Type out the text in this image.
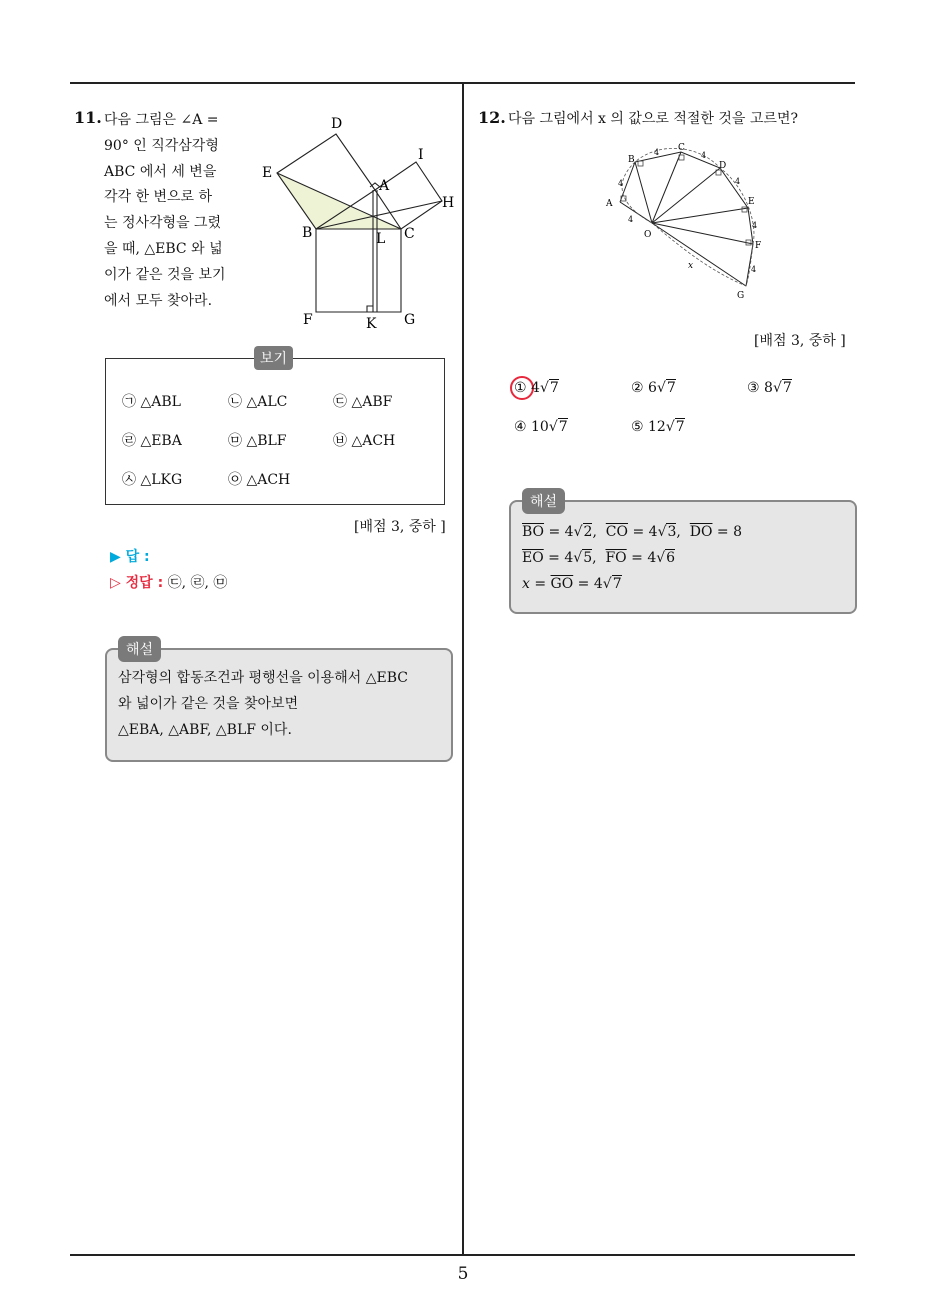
5
11. 다음 그림은 ∠A =
90° 인 직각삼각형
ABC 에서 세 변을
각각 한 변으로 하
는 정사각형을 그렸
을 때, △EBC 와 넓
이가 같은 것을 보기
에서 모두 찾아라.
D
I
E
A
H
B	L C
F	K G
보기
㉠ △ABL	㉡ △ALC	㉢ △ABF
㉣ △EBA	㉤ △BLF	㉥ △ACH
㉦ △LKG	㉧ △ACH
[배점 3, 중하 ]
▶ 답 :
▷ 정답 : ㉢, ㉣, ㉤
해설
삼각형의 합동조건과 평행선을 이용해서 △EBC
와 넓이가 같은 것을 찾아보면
△EBA, △ABF, △BLF 이다.
12. 다음 그림에서 x 의 값으로 적절한 것을 고르면?
A
B
C
D
E
F
G
O
x
4
4	4
4
4
4
4
[배점 3, 중하 ]
① 4√7	② 6√7	③ 8√7
④ 10√7	⑤ 12√7
해설
$\overline{BO} = 4√2$,  $\overline{CO} = 4√3$,  $\overline{DO} = 8$
$\overline{EO} = 4√5$,  $\overline{FO} = 4√6$
$x = \overline{GO} = 4√7$
